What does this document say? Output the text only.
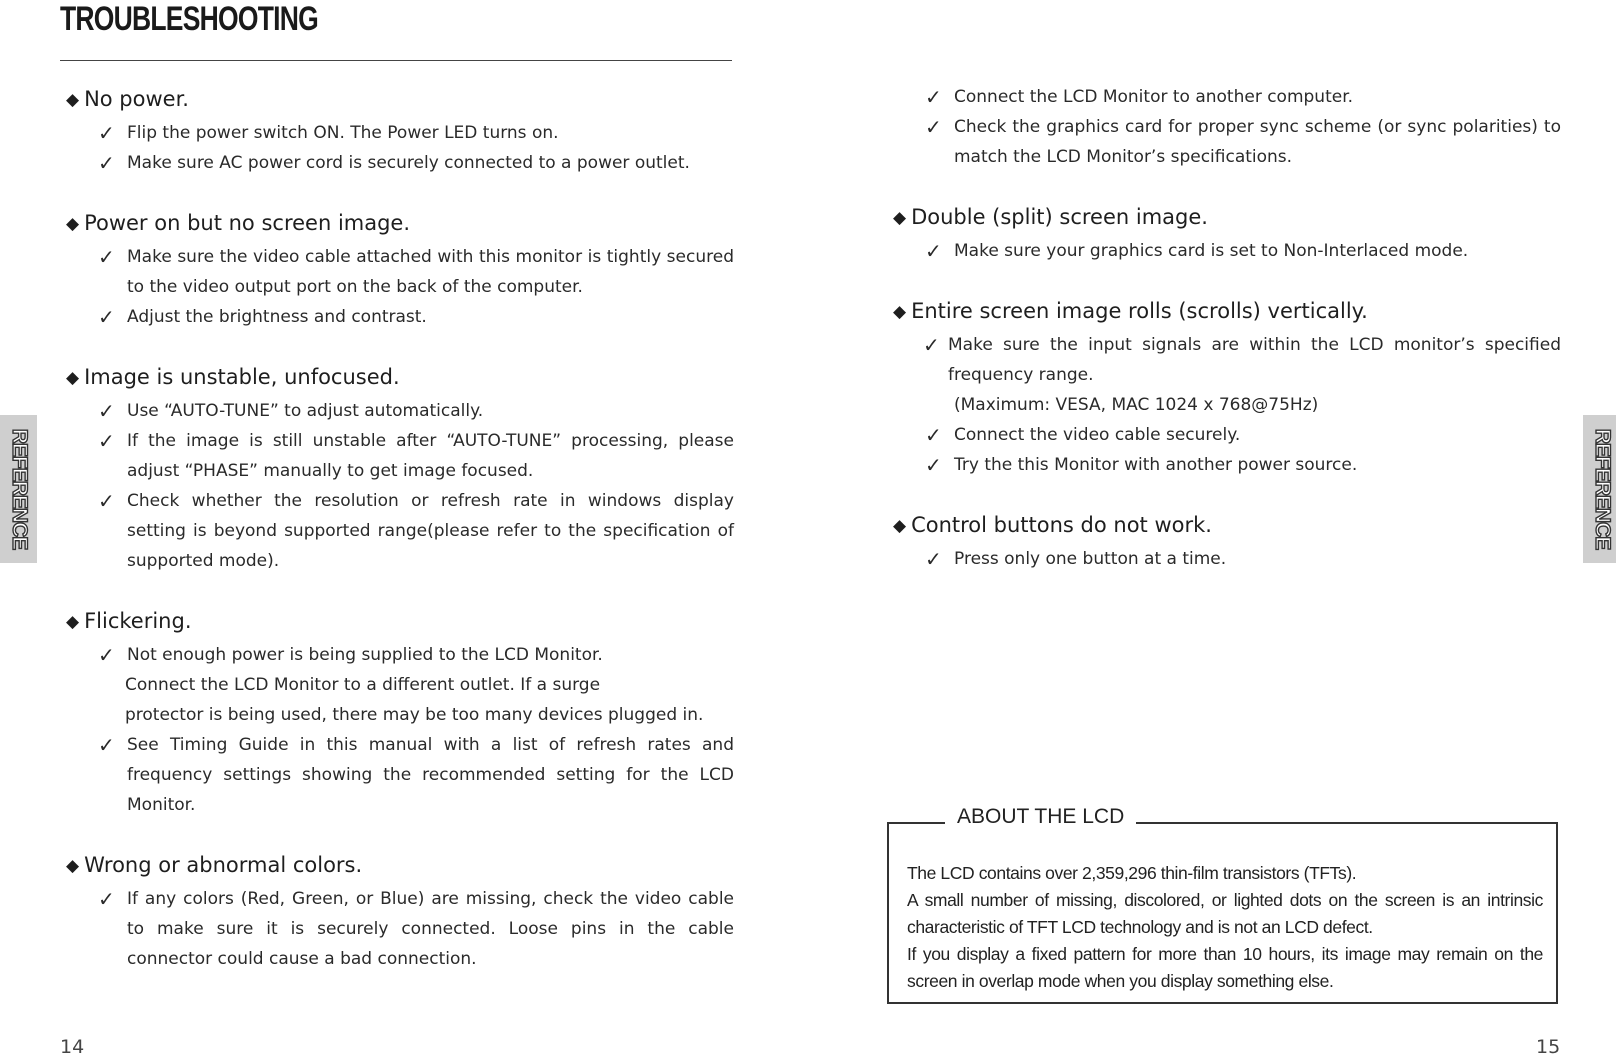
TROUBLESHOOTING
REFERENCE	REFERENCE
◆ No power.
✓ Flip the power switch ON. The Power LED turns on.
✓ Make sure AC power cord is securely connected to a power outlet.
◆ Power on but no screen image.
✓ Make sure the video cable attached with this monitor is tightly secured to the video output port on the back of the computer.
✓ Adjust the brightness and contrast.
◆ Image is unstable, unfocused.
✓ Use “AUTO-TUNE” to adjust automatically.
✓ If the image is still unstable after “AUTO-TUNE” processing, please adjust “PHASE” manually to get image focused.
✓ Check whether the resolution or refresh rate in windows display setting is beyond supported range(please refer to the specification of supported mode).
◆ Flickering.
✓ Not enough power is being supplied to the LCD Monitor.
Connect the LCD Monitor to a different outlet. If a surge
protector is being used, there may be too many devices plugged in.
✓ See Timing Guide in this manual with a list of refresh rates and frequency settings showing the recommended setting for the LCD Monitor.
◆ Wrong or abnormal colors.
✓ If any colors (Red, Green, or Blue) are missing, check the video cable to make sure it is securely connected. Loose pins in the cable connector could cause a bad connection.
✓ Connect the LCD Monitor to another computer.
✓ Check the graphics card for proper sync scheme (or sync polarities) to match the LCD Monitor’s specifications.
◆ Double (split) screen image.
✓ Make sure your graphics card is set to Non-Interlaced mode.
◆ Entire screen image rolls (scrolls) vertically.
✓ Make sure the input signals are within the LCD monitor’s specified frequency range.
(Maximum: VESA, MAC 1024 x 768@75Hz)
✓ Connect the video cable securely.
✓ Try the this Monitor with another power source.
◆ Control buttons do not work.
✓ Press only one button at a time.
ABOUT THE LCD

The LCD contains over 2,359,296 thin-film transistors (TFTs).

A small number of missing, discolored, or lighted dots on the screen is an intrinsic characteristic of TFT LCD technology and is not an LCD defect.

If you display a fixed pattern for more than 10 hours, its image may remain on the screen in overlap mode when you display something else.

14	15
